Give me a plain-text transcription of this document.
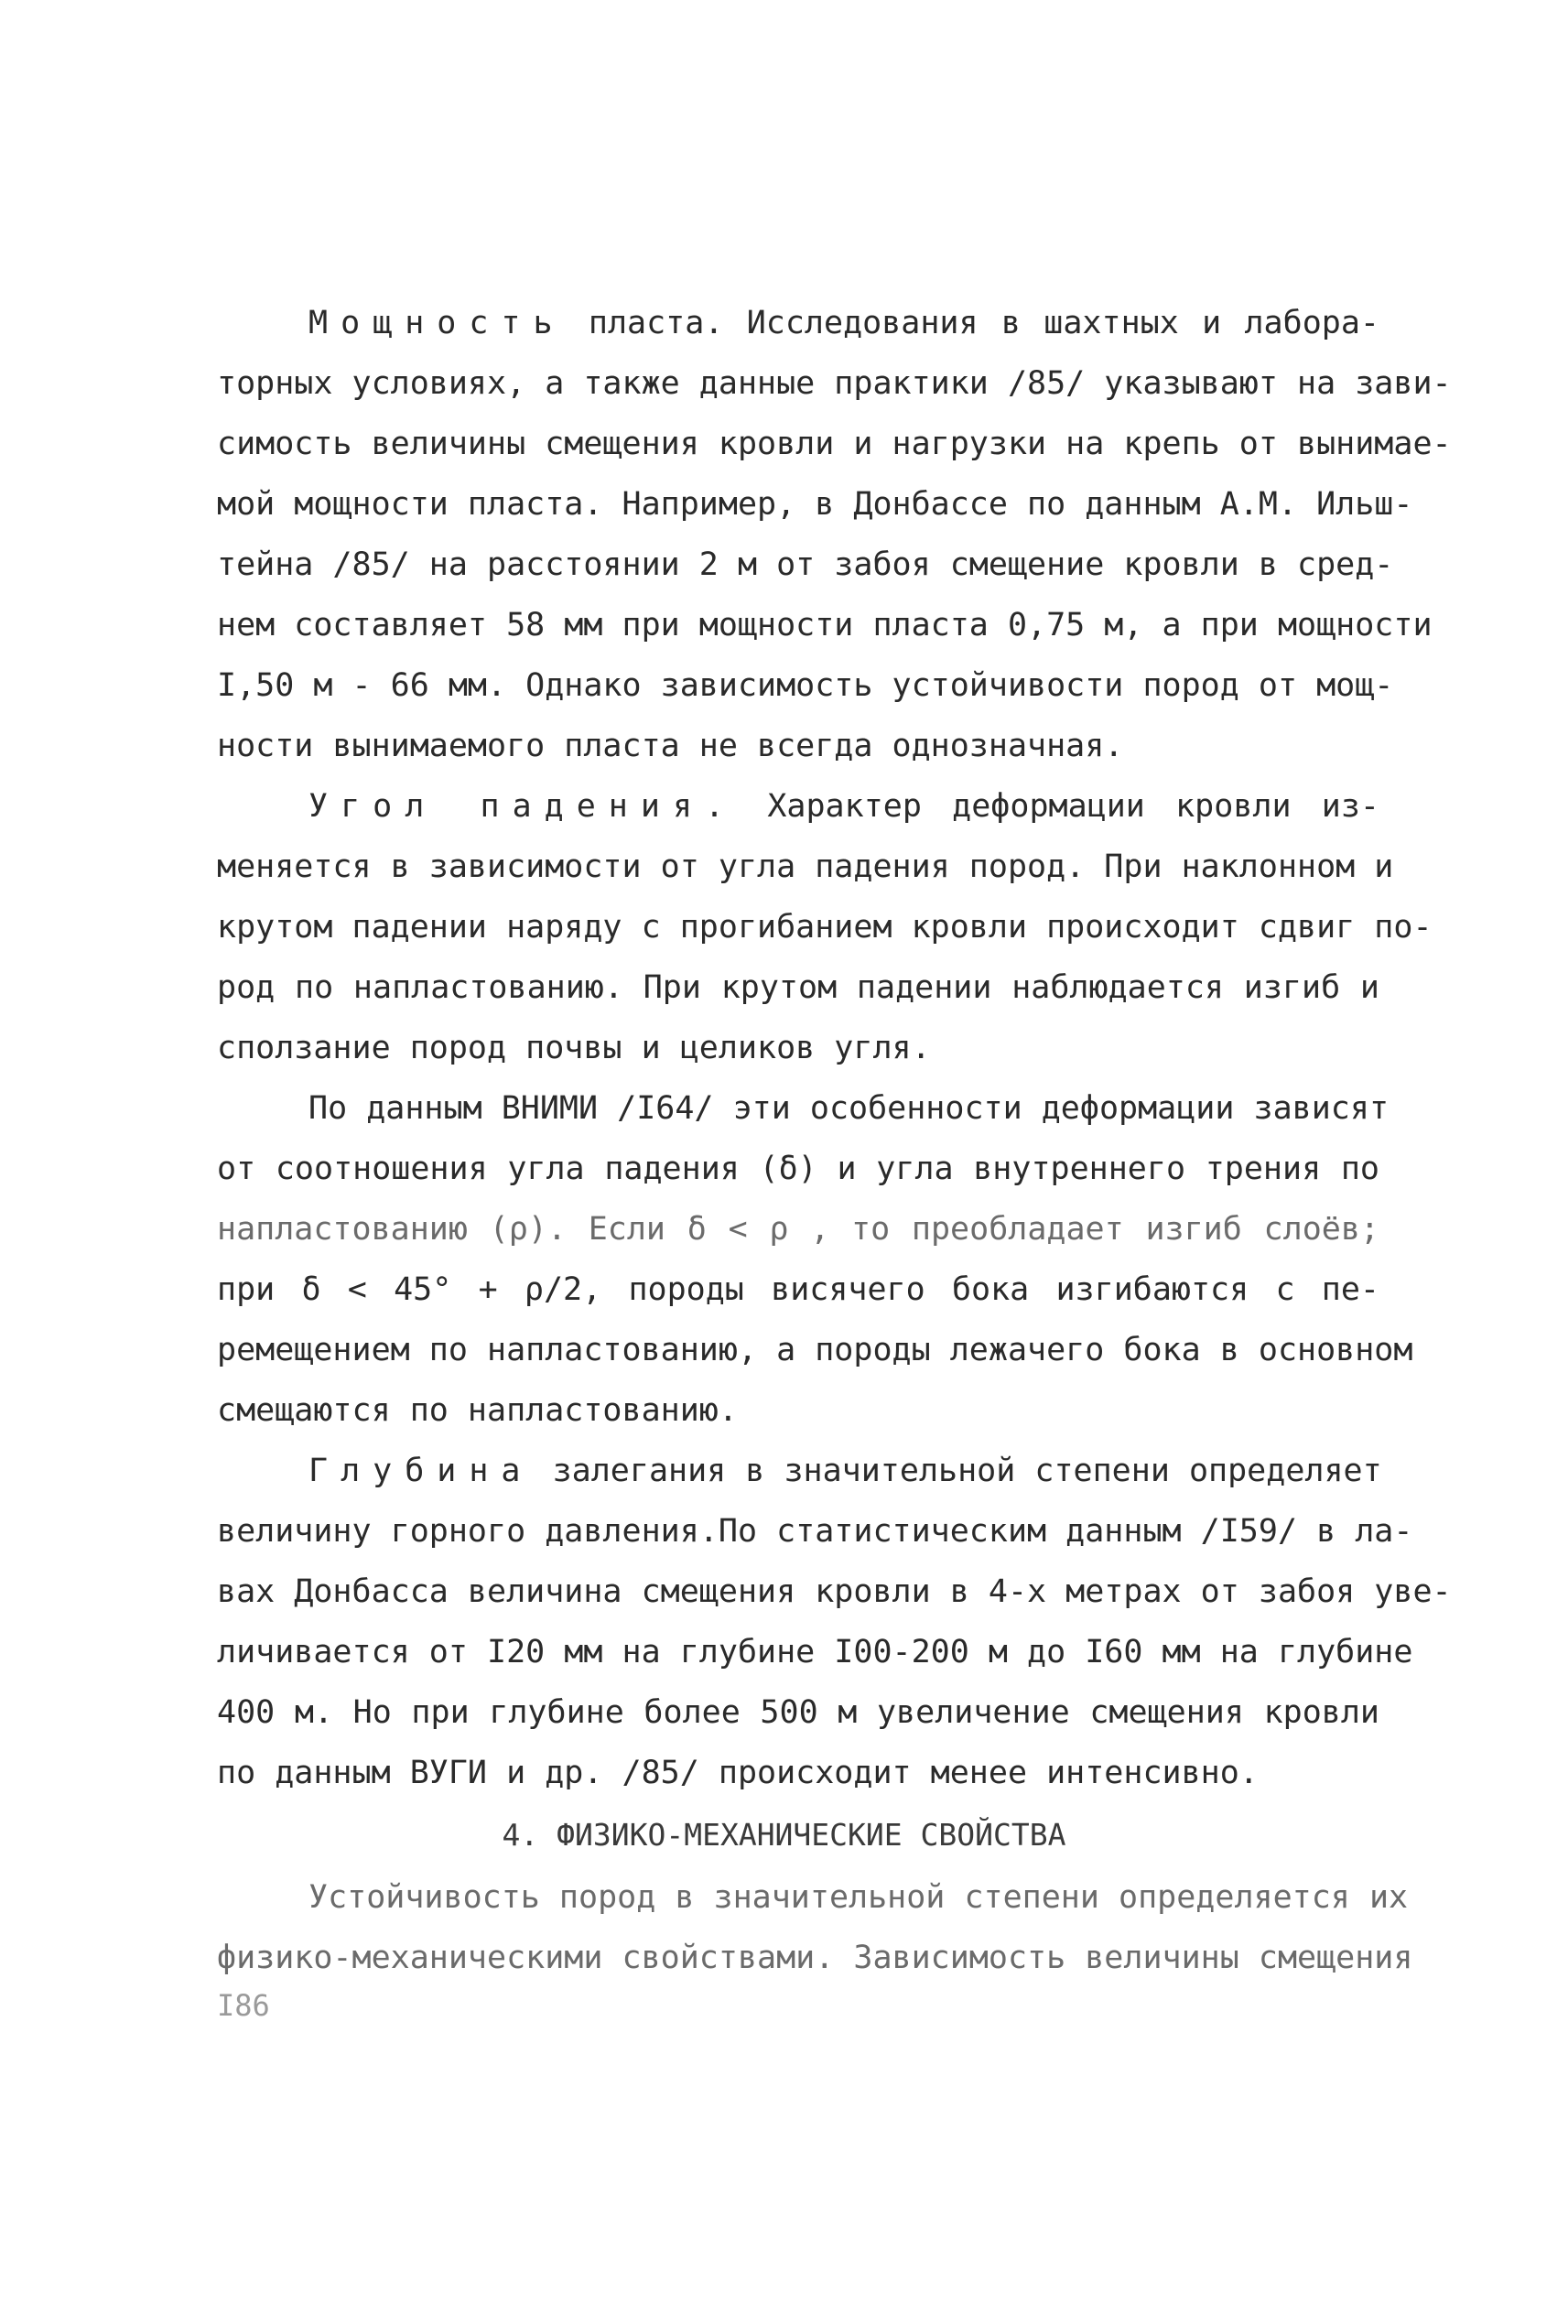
Мощность пласта. Исследования в шахтных и лабора-
торных условиях, а также данные практики /85/ указывают на зави-
симость величины смещения кровли и нагрузки на крепь от вынимае-
мой мощности пласта. Например, в Донбассе по данным А.М. Ильш-
тейна /85/ на расстоянии 2 м от забоя смещение кровли в сред-
нем составляет 58 мм при мощности пласта 0,75 м, а при мощности
I,50 м - 66 мм. Однако зависимость устойчивости пород от мощ-
ности вынимаемого пласта не всегда однозначная.
Угол падения. Характер деформации кровли из-
меняется в зависимости от угла падения пород. При наклонном и
крутом падении наряду с прогибанием кровли происходит сдвиг по-
род по напластованию. При крутом падении наблюдается изгиб и
сползание пород почвы и целиков угля.
По данным ВНИМИ /I64/ эти особенности деформации зависят
от соотношения угла падения (δ) и угла внутреннего трения по
напластованию (ρ). Если δ < ρ , то преобладает изгиб слоёв;
при δ < 45° + ρ/2, породы висячего бока изгибаются с пе-
ремещением по напластованию, а породы лежачего бока в основном
смещаются по напластованию.
Глубина залегания в значительной степени определяет
величину горного давления.По статистическим данным /I59/ в ла-
вах Донбасса величина смещения кровли в 4-х метрах от забоя уве-
личивается от I20 мм на глубине I00-200 м до I60 мм на глубине
400 м. Но при глубине более 500 м увеличение смещения кровли
по данным ВУГИ и др. /85/ происходит менее интенсивно.
4. ФИЗИКО-МЕХАНИЧЕСКИЕ СВОЙСТВА
Устойчивость пород в значительной степени определяется их
физико-механическими свойствами. Зависимость величины смещения
I86
